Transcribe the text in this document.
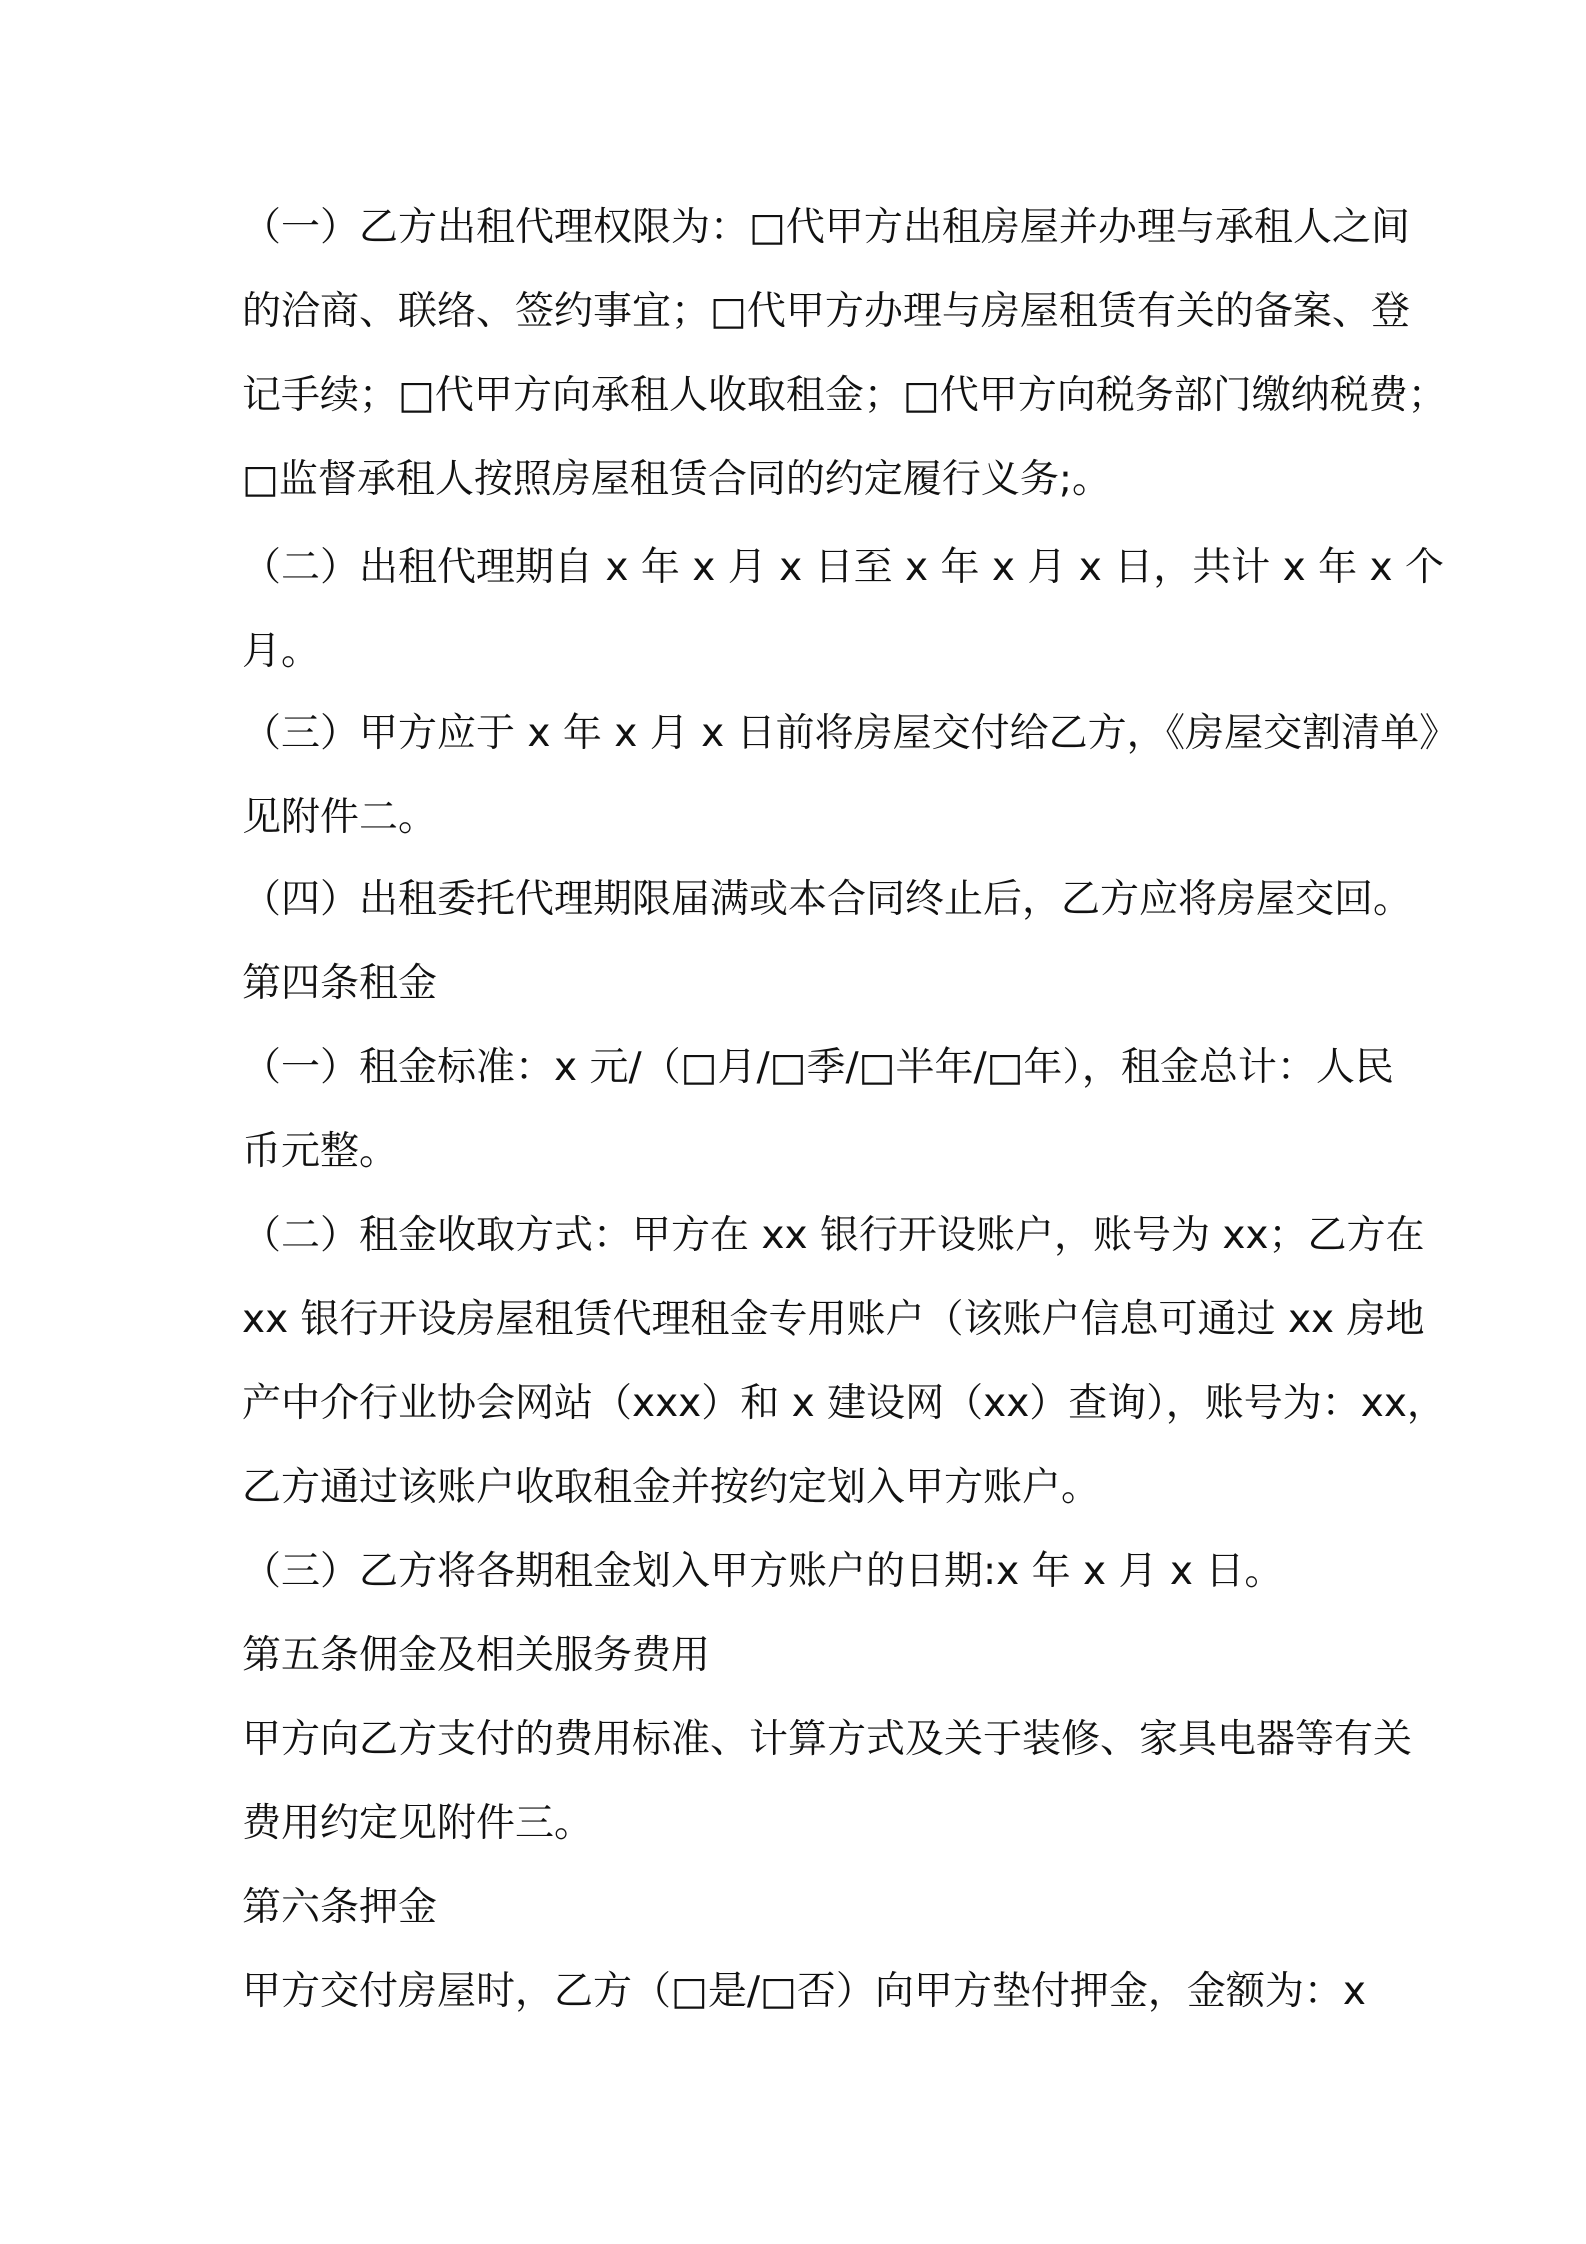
（一）乙方出租代理权限为：□代甲方出租房屋并办理与承租人之间
的洽商、联络、签约事宜；□代甲方办理与房屋租赁有关的备案、登
记手续；□代甲方向承租人收取租金；□代甲方向税务部门缴纳税费；
□监督承租人按照房屋租赁合同的约定履行义务;。
（二）出租代理期自 x 年 x 月 x 日至 x 年 x 月 x 日，共计 x 年 x 个
月。
（三）甲方应于 x 年 x 月 x 日前将房屋交付给乙方，《房屋交割清单》
见附件二。
（四）出租委托代理期限届满或本合同终止后，乙方应将房屋交回。
第四条租金
（一）租金标准：x 元/（□月/□季/□半年/□年），租金总计：人民
币元整。
（二）租金收取方式：甲方在 xx 银行开设账户，账号为 xx；乙方在
xx 银行开设房屋租赁代理租金专用账户（该账户信息可通过 xx 房地
产中介行业协会网站（xxx）和 x 建设网（xx）查询），账号为：xx，
乙方通过该账户收取租金并按约定划入甲方账户。
（三）乙方将各期租金划入甲方账户的日期:x 年 x 月 x 日。
第五条佣金及相关服务费用
甲方向乙方支付的费用标准、计算方式及关于装修、家具电器等有关
费用约定见附件三。
第六条押金
甲方交付房屋时，乙方（□是/□否）向甲方垫付押金，金额为：x
